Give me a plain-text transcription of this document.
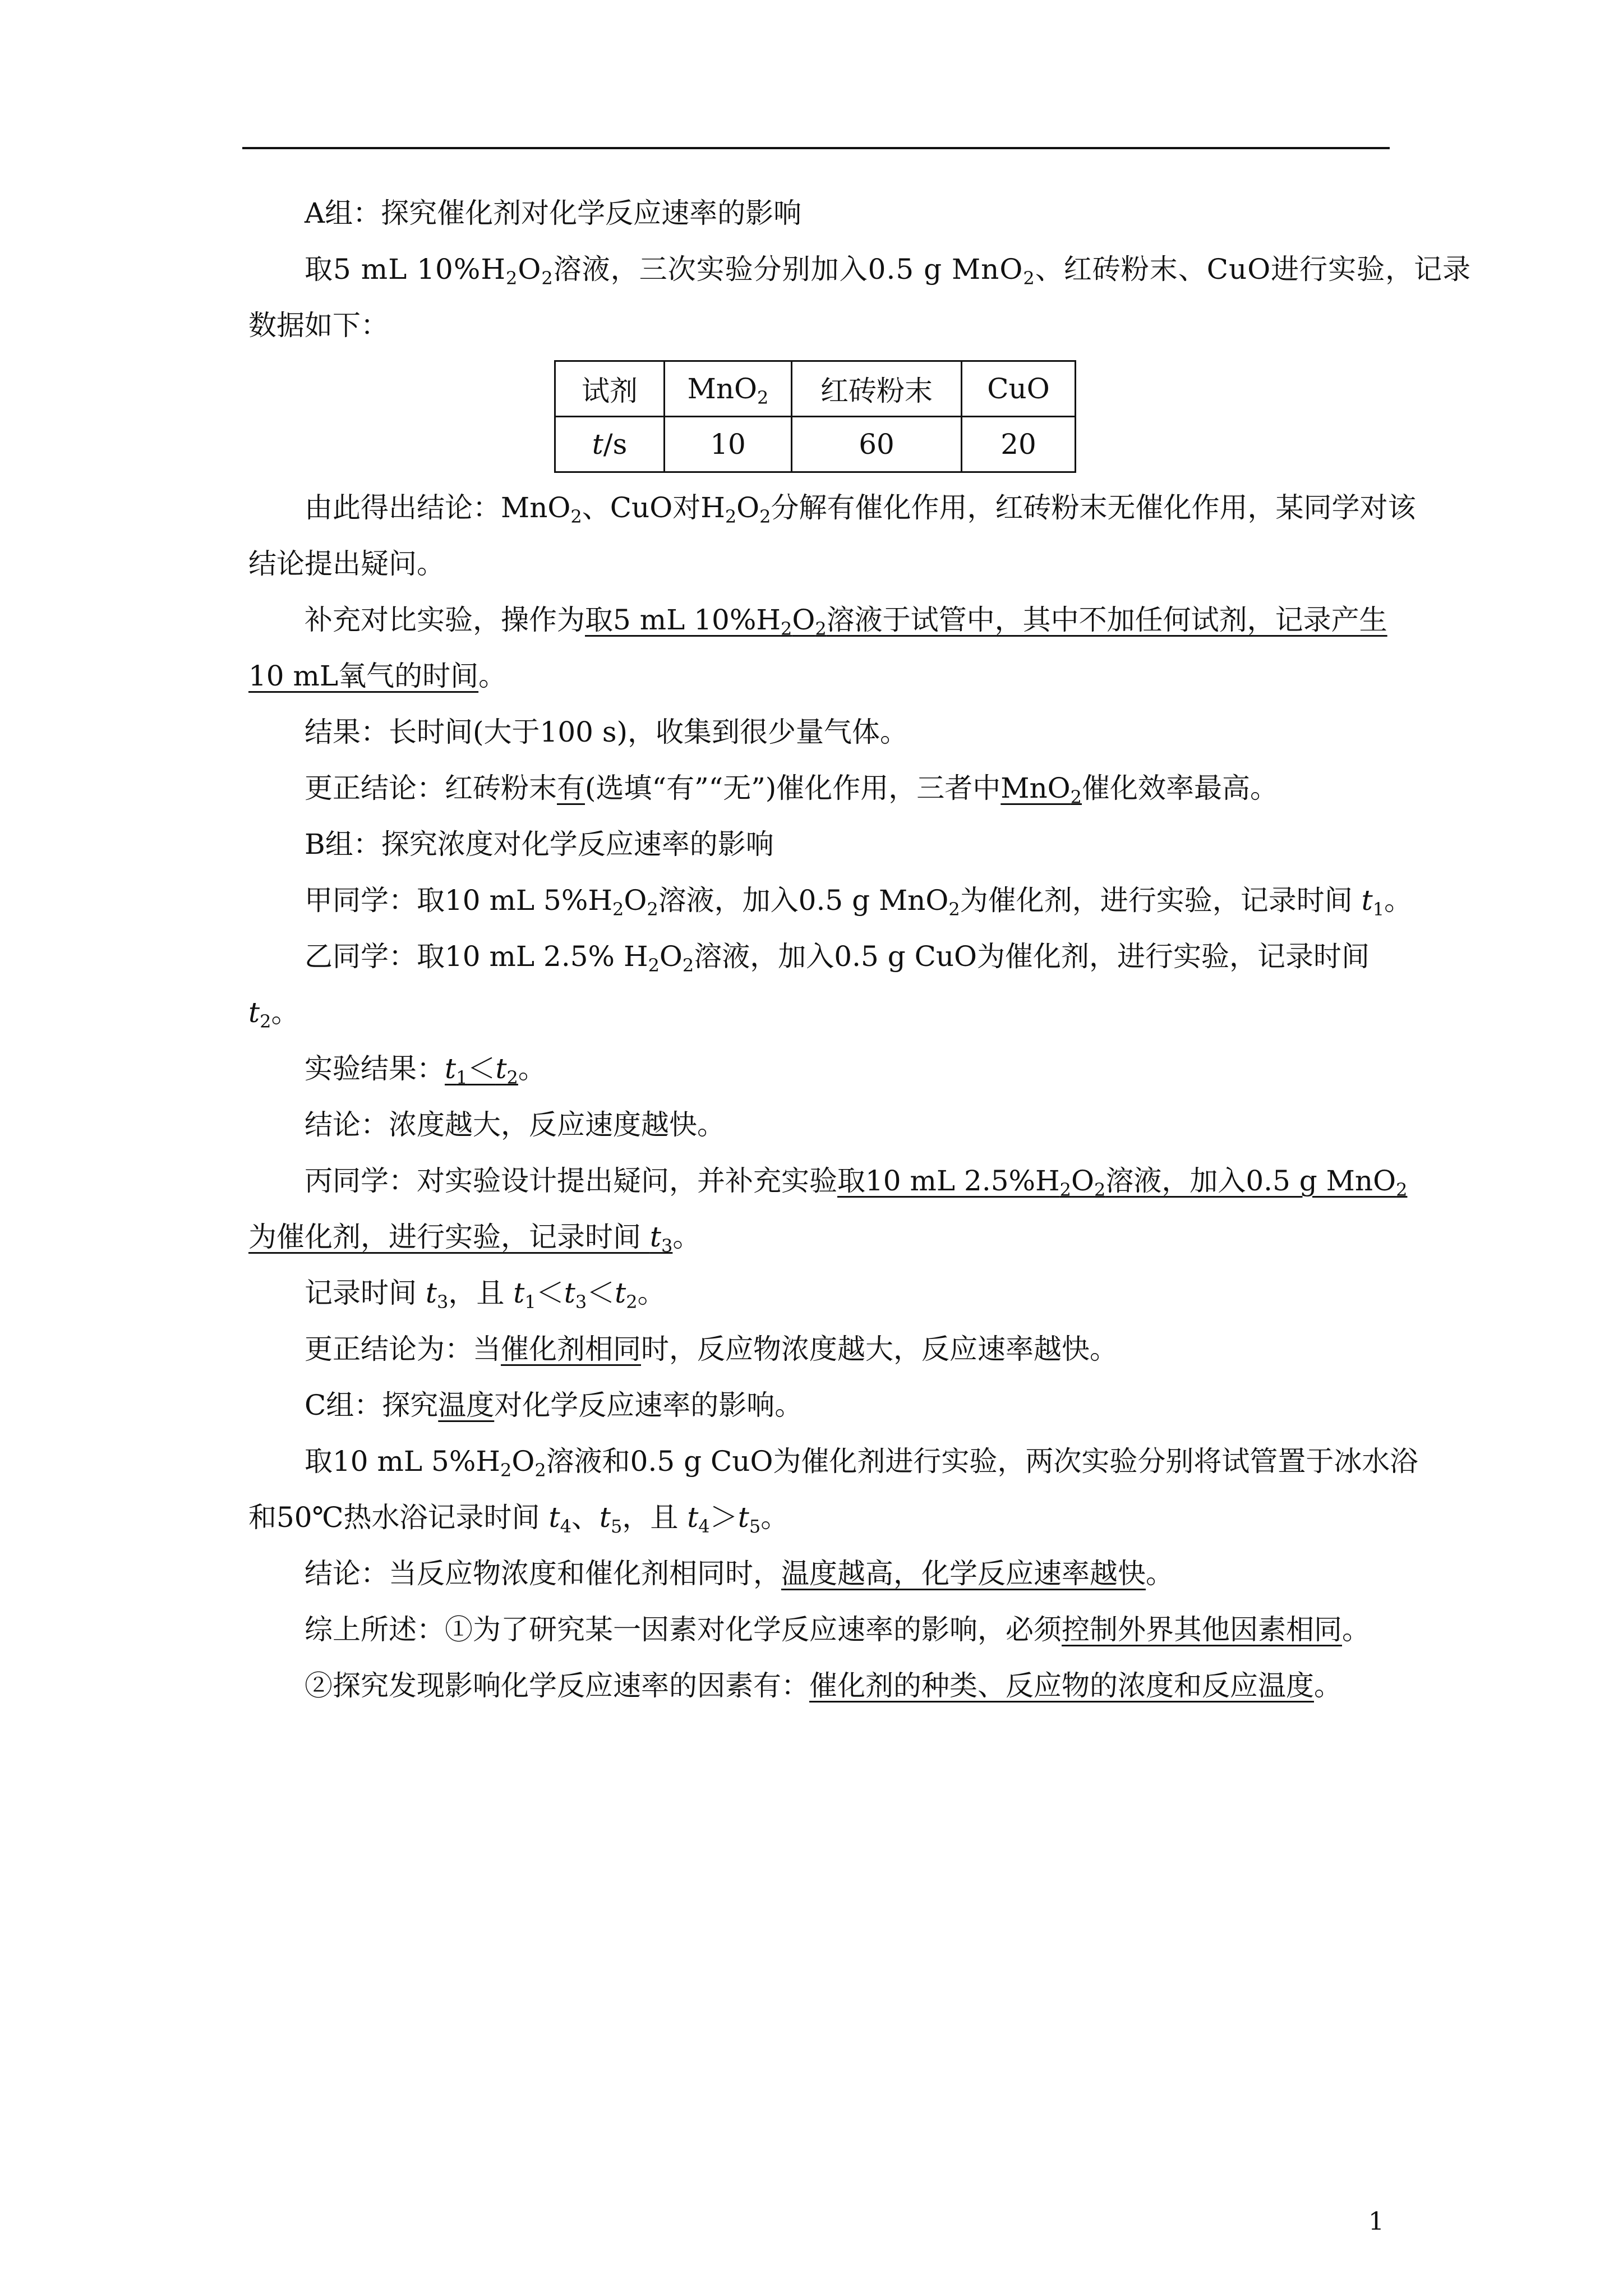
A组：探究催化剂对化学反应速率的影响
取5 mL $10\%H_2O_2$溶液，三次实验分别加入0.5 g MnO$_2$、红砖粉末、CuO进行实验，记录
数据如下：
试剂	MnO$_2$	红砖粉末	CuO
t/s	10	60	20
由此得出结论：MnO$_2$、CuO对$H_2O_2$分解有催化作用，红砖粉末无催化作用，某同学对该
结论提出疑问。
补充对比实验，操作为取5 mL $10\%H_2O_2$溶液于试管中，其中不加任何试剂，记录产生
10 mL氧气的时间。
结果：长时间(大于100 s)，收集到很少量气体。
更正结论：红砖粉末有(选填“有”“无”)催化作用，三者中MnO$_2$催化效率最高。
B组：探究浓度对化学反应速率的影响
甲同学：取10 mL $5\%H_2O_2$溶液，加入0.5 g MnO$_2$为催化剂，进行实验，记录时间 $t_1$。
乙同学：取10 mL 2.5% $H_2O_2$溶液，加入0.5 g CuO为催化剂，进行实验，记录时间
$t_2$。
实验结果：$t_1<t_2$。
结论：浓度越大，反应速度越快。
丙同学：对实验设计提出疑问，并补充实验取10 mL $2.5\%H_2O_2$溶液，加入0.5 g MnO$_2$
为催化剂，进行实验，记录时间 $t_3$。
记录时间 $t_3$，且 $t_1<t_3<t_2$。
更正结论为：当催化剂相同时，反应物浓度越大，反应速率越快。
C组：探究温度对化学反应速率的影响。
取10 mL $5\%H_2O_2$溶液和0.5 g CuO为催化剂进行实验，两次实验分别将试管置于冰水浴
和50℃热水浴记录时间 $t_4$、$t_5$，且 $t_4>t_5$。
结论：当反应物浓度和催化剂相同时，温度越高，化学反应速率越快。
综上所述：①为了研究某一因素对化学反应速率的影响，必须控制外界其他因素相同。
②探究发现影响化学反应速率的因素有：催化剂的种类、反应物的浓度和反应温度。
1
